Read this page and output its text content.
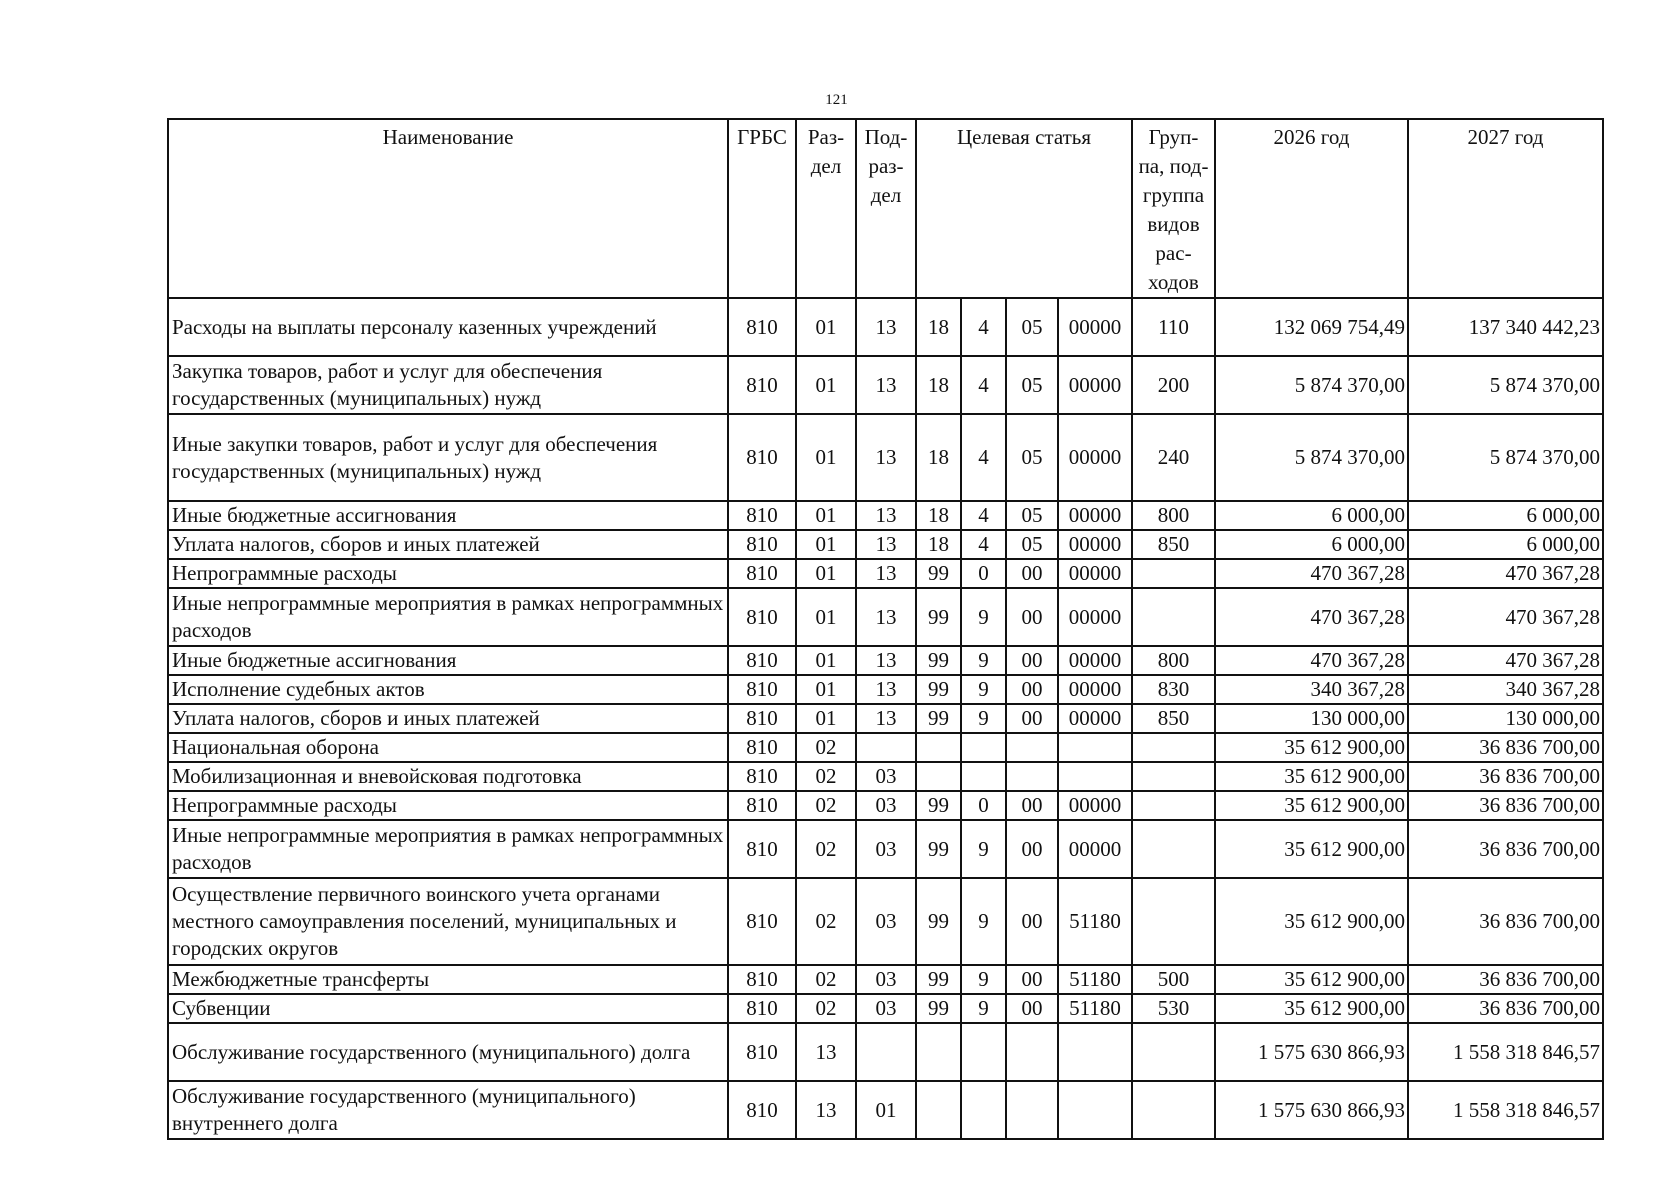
121
Наименование	ГРБС	Раз-дел	Под-раз-дел	Целевая статья				Груп-па, под-группа видов рас-ходов	2026 год	2027 год
Расходы на выплаты персоналу казенных учреждений	810	01	13	18	4	05	00000	110	132 069 754,49	137 340 442,23
Закупка товаров, работ и услуг для обеспечения государственных (муниципальных) нужд	810	01	13	18	4	05	00000	200	5 874 370,00	5 874 370,00
Иные закупки товаров, работ и услуг для обеспечения государственных (муниципальных) нужд	810	01	13	18	4	05	00000	240	5 874 370,00	5 874 370,00
Иные бюджетные ассигнования	810	01	13	18	4	05	00000	800	6 000,00	6 000,00
Уплата налогов, сборов и иных платежей	810	01	13	18	4	05	00000	850	6 000,00	6 000,00
Непрограммные расходы	810	01	13	99	0	00	00000		470 367,28	470 367,28
Иные непрограммные мероприятия в рамках непрограммных расходов	810	01	13	99	9	00	00000		470 367,28	470 367,28
Иные бюджетные ассигнования	810	01	13	99	9	00	00000	800	470 367,28	470 367,28
Исполнение судебных актов	810	01	13	99	9	00	00000	830	340 367,28	340 367,28
Уплата налогов, сборов и иных платежей	810	01	13	99	9	00	00000	850	130 000,00	130 000,00
Национальная оборона	810	02							35 612 900,00	36 836 700,00
Мобилизационная и вневойсковая подготовка	810	02	03						35 612 900,00	36 836 700,00
Непрограммные расходы	810	02	03	99	0	00	00000		35 612 900,00	36 836 700,00
Иные непрограммные мероприятия в рамках непрограммных расходов	810	02	03	99	9	00	00000		35 612 900,00	36 836 700,00
Осуществление первичного воинского учета органами местного самоуправления поселений, муниципальных и городских округов	810	02	03	99	9	00	51180		35 612 900,00	36 836 700,00
Межбюджетные трансферты	810	02	03	99	9	00	51180	500	35 612 900,00	36 836 700,00
Субвенции	810	02	03	99	9	00	51180	530	35 612 900,00	36 836 700,00
Обслуживание государственного (муниципального) долга	810	13							1 575 630 866,93	1 558 318 846,57
Обслуживание государственного (муниципального) внутреннего долга	810	13	01						1 575 630 866,93	1 558 318 846,57
